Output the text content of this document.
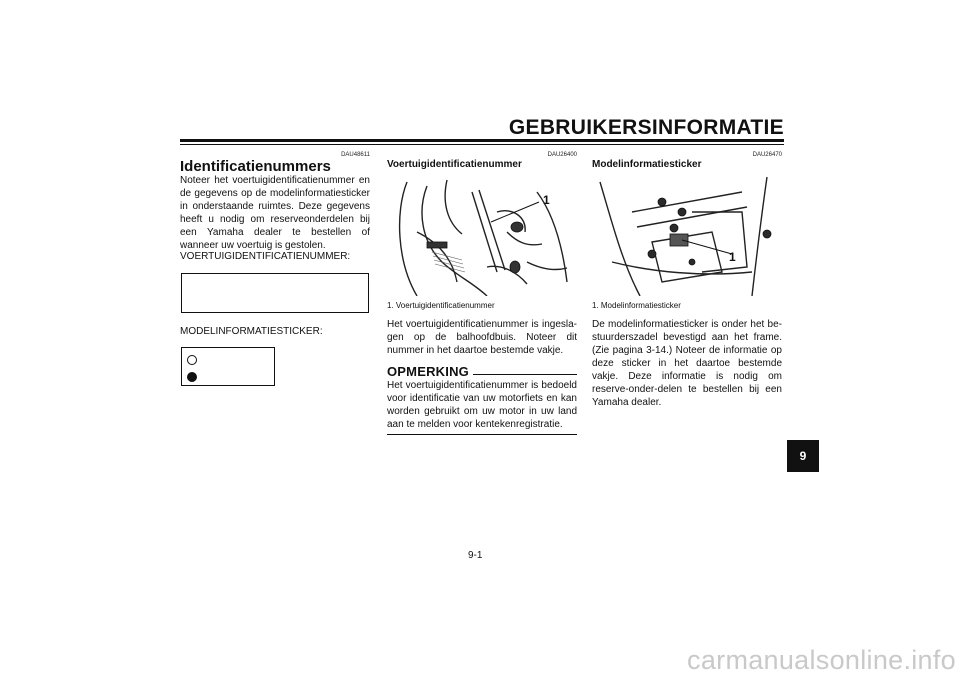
GEBRUIKERSINFORMATIE
DAU48611
Identificatienummers

Noteer het voertuigidentificatienummer en de gegevens op de modelinformatiesticker in onderstaande ruimtes. Deze gegevens heeft u nodig om reserveonderdelen bij een Yamaha dealer te bestellen of wanneer uw voertuig is gestolen.

VOERTUIGIDENTIFICATIENUMMER:
MODELINFORMATIESTICKER:
DAU26400
Voertuigidentificatienummer
1
1. Voertuigidentificatienummer

Het voertuigidentificatienummer is ingesla-gen op de balhoofdbuis. Noteer dit nummer in het daartoe bestemde vakje.

OPMERKING

Het voertuigidentificatienummer is bedoeld voor identificatie van uw motorfiets en kan worden gebruikt om uw motor in uw land aan te melden voor kentekenregistratie.

DAU26470
Modelinformatiesticker
1
1. Modelinformatiesticker

De modelinformatiesticker is onder het be-stuurderszadel bevestigd aan het frame. (Zie pagina 3-14.) Noteer de informatie op deze sticker in het daartoe bestemde vakje. Deze informatie is nodig om reserve-onder-delen te bestellen bij een Yamaha dealer.

9
9-1
carmanualsonline.info
